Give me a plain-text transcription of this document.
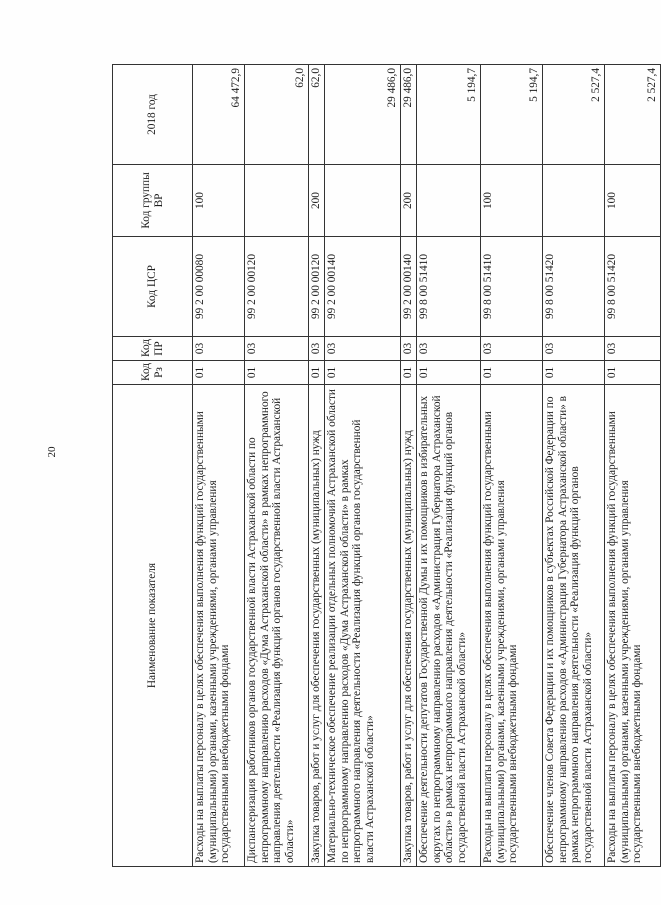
20
Наименование показателя	Код Рз	Код ПР	Код ЦСР	Код группы ВР	2018 год
Расходы на выплаты персоналу в целях обеспечения выполнения функций государственными (муниципальными) органами, казенными учреждениями, органами управления государственными внебюджетными фондами	01	03	99 2 00 00080	100	64 472,9
Диспансеризация работников органов государственной власти Астраханской области по непрограммному направлению расходов «Дума Астраханской области» в рамках непрограммного направления деятельности «Реализация функций органов государственной власти Астраханской области»	01	03	99 2 00 00120		62,0
Закупка товаров, работ и услуг для обеспечения государственных (муниципальных) нужд	01	03	99 2 00 00120	200	62,0
Материально-техническое обеспечение реализации отдельных полномочий Астраханской области по непрограммному направлению расходов «Дума Астраханской области» в рамках непрограммного направления деятельности «Реализация функций органов государственной власти Астраханской области»	01	03	99 2 00 00140		29 486,0
Закупка товаров, работ и услуг для обеспечения государственных (муниципальных) нужд	01	03	99 2 00 00140	200	29 486,0
Обеспечение деятельности депутатов Государственной Думы и их помощников в избирательных округах по непрограммному направлению расходов «Администрация Губернатора Астраханской области» в рамках непрограммного направления деятельности «Реализация функций органов государственной власти Астраханской области»	01	03	99 8 00 51410		5 194,7
Расходы на выплаты персоналу в целях обеспечения выполнения функций государственными (муниципальными) органами, казенными учреждениями, органами управления государственными внебюджетными фондами	01	03	99 8 00 51410	100	5 194,7
Обеспечение членов Совета Федерации и их помощников в субъектах Российской Федерации по непрограммному направлению расходов «Администрация Губернатора Астраханской области» в рамках непрограммного направления деятельности «Реализация функций органов государственной власти Астраханской области»	01	03	99 8 00 51420		2 527,4
Расходы на выплаты персоналу в целях обеспечения выполнения функций государственными (муниципальными) органами, казенными учреждениями, органами управления государственными внебюджетными фондами	01	03	99 8 00 51420	100	2 527,4
